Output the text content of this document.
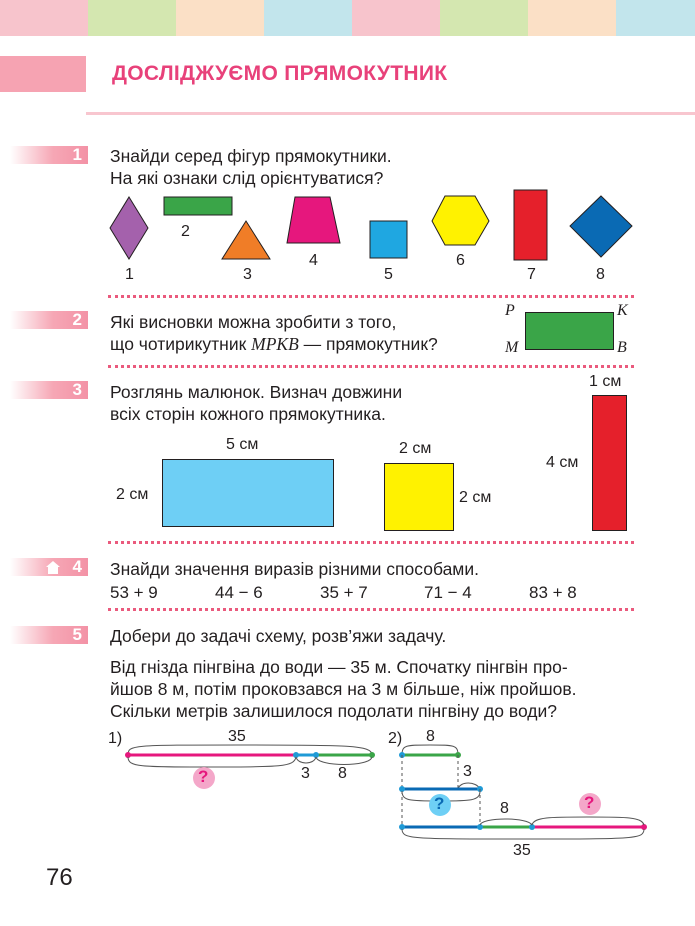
ДОСЛІДЖУЄМО ПРЯМОКУТНИК
1 Знайди серед фігур прямокутники.
На які ознаки слід орієнтуватися?
1
2
3
4
5
6
7	8
2 Які висновки можна зробити з того,
що чотирикутник MPKB — прямокутник?
P	K
M	B
3 Розглянь малюнок. Визнач довжини
всіх сторін кожного прямокутника.
5 см
2 см
2 см
2 см
1 см
4 см
4 Знайди значення виразів різними способами.
53 + 9	44 − 6	35 + 7	71 − 4	83 + 8
5 Добери до задачі схему, розв’яжи задачу.
Від гнізда пінгвіна до води — 35 м. Спочатку пінгвін про-
йшов 8 м, потім проковзався на 3 м більше, ніж пройшов.
Скільки метрів залишилося подолати пінгвіну до води?
1)	35
3 8
?
2) 8
3
8
35
?	?
76
